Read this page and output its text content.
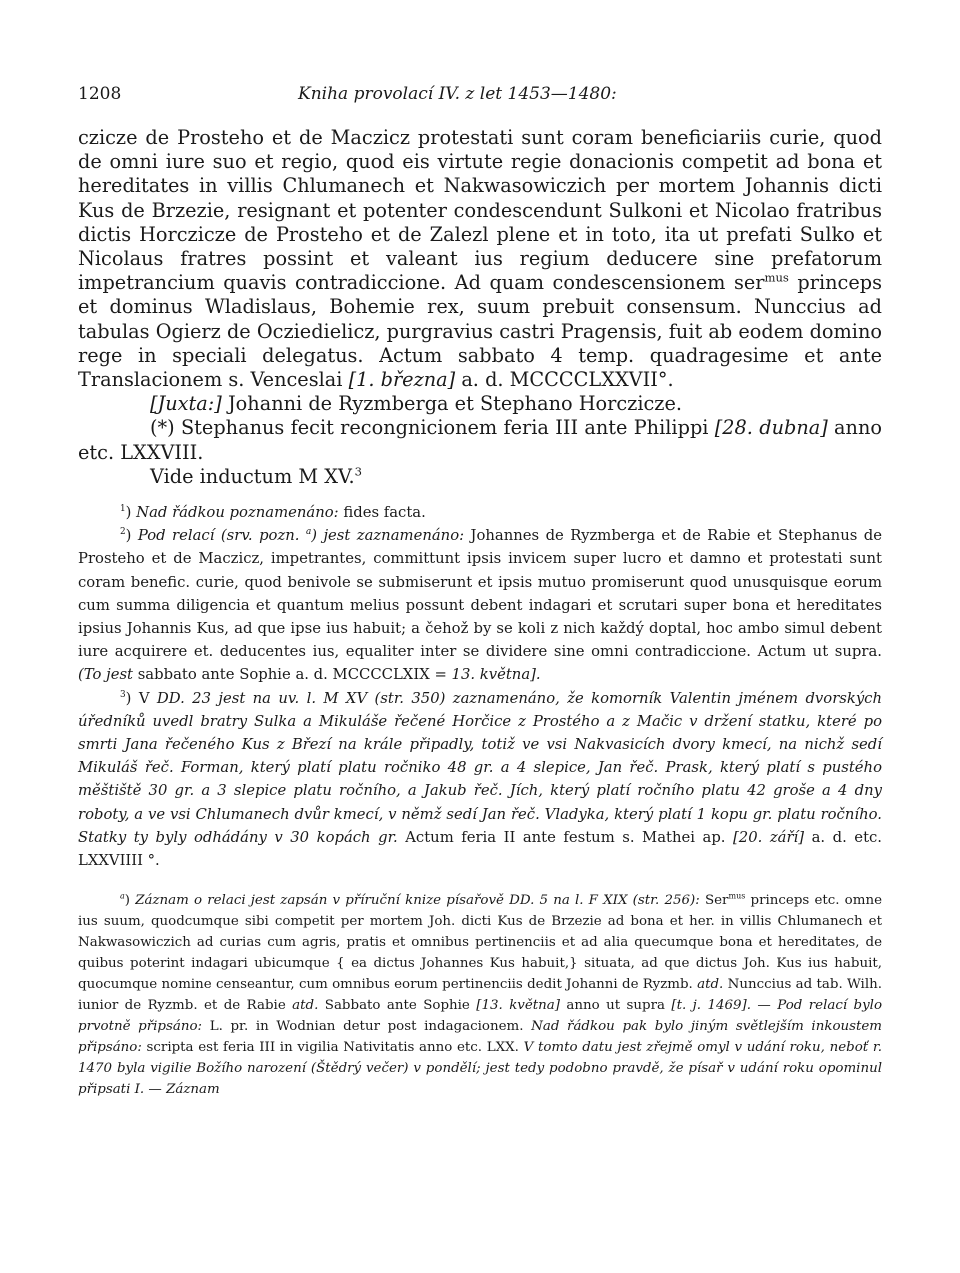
1208	Kniha provolací IV. z let 1453—1480:

czicze de Prosteho et de Maczicz protestati sunt coram beneficiariis curie, quod de omni iure suo et regio, quod eis virtute regie donacionis competit ad bona et hereditates in villis Chlumanech et Nakwasowiczich per mortem Johannis dicti Kus de Brzezie, resignant et potenter condescendunt Sulkoni et Nicolao fratribus dictis Horczicze de Prosteho et de Zalezl plene et in toto, ita ut prefati Sulko et Nicolaus fratres possint et valeant ius regium deducere sine prefatorum impetrancium quavis contradiccione. Ad quam condescensionem ser$^{mus}$ princeps et dominus Wladislaus, Bohemie rex, suum prebuit consensum. Nunccius ad tabulas Ogierz de Ocziedielicz, purgravius castri Pragensis, fuit ab eodem domino rege in speciali delegatus. Actum sabbato 4 temp. quadragesime et ante Translacionem s. Venceslai [1. března] a. d. MCCCCLXXVII°.

[Juxta:] Johanni de Ryzmberga et Stephano Horczicze.

(*) Stephanus fecit recongnicionem feria III ante Philippi [28. dubna] anno etc. LXXVIII.

Vide inductum M XV.$^3$

$^1$) Nad řádkou poznamenáno: fides facta.

$^2$) Pod relací (srv. pozn. $^a$) jest zaznamenáno: Johannes de Ryzmberga et de Rabie et Stephanus de Prosteho et de Maczicz, impetrantes, committunt ipsis invicem super lucro et damno et protestati sunt coram benefic. curie, quod benivole se submiserunt et ipsis mutuo promiserunt quod unusquisque eorum cum summa diligencia et quantum melius possunt debent indagari et scrutari super bona et hereditates ipsius Johannis Kus, ad que ipse ius habuit; a čehož by se koli z nich každý doptal, hoc ambo simul debent iure acquirere et. deducentes ius, equaliter inter se dividere sine omni contradiccione. Actum ut supra. (To jest sabbato ante Sophie a. d. MCCCCLXIX = 13. května].

$^3$) V DD. 23 jest na uv. l. M XV (str. 350) zaznamenáno, že komorník Valentin jménem dvorských úředníků uvedl bratry Sulka a Mikuláše řečené Horčice z Prostého a z Mačic v držení statku, které po smrti Jana řečeného Kus z Březí na krále připadly, totiž ve vsi Nakvasicích dvory kmecí, na nichž sedí Mikuláš řeč. Forman, který platí platu ročniko 48 gr. a 4 slepice, Jan řeč. Prask, který platí s pustého měštiště 30 gr. a 3 slepice platu ročního, a Jakub řeč. Jích, který platí ročního platu 42 groše a 4 dny roboty, a ve vsi Chlumanech dvůr kmecí, v němž sedí Jan řeč. Vladyka, který platí 1 kopu gr. platu ročního. Statky ty byly odhádány v 30 kopách gr. Actum feria II ante festum s. Mathei ap. [20. září] a. d. etc. LXXVIIII °.

$^a$) Záznam o relaci jest zapsán v příruční knize písařově DD. 5 na l. F XIX (str. 256): Ser$^{mus}$ princeps etc. omne ius suum, quodcumque sibi competit per mortem Joh. dicti Kus de Brzezie ad bona et her. in villis Chlumanech et Nakwasowiczich ad curias cum agris, pratis et omnibus pertinenciis et ad alia quecumque bona et hereditates, de quibus poterint indagari ubicumque { ea dictus Johannes Kus habuit,} situata, ad que dictus Joh. Kus ius habuit, quocumque nomine censeantur, cum omnibus eorum pertinenciis dedit Johanni de Ryzmb. atd. Nunccius ad tab. Wilh. iunior de Ryzmb. et de Rabie atd. Sabbato ante Sophie [13. května] anno ut supra [t. j. 1469]. — Pod relací bylo prvotně připsáno: L. pr. in Wodnian detur post indagacionem. Nad řádkou pak bylo jiným světlejším inkoustem připsáno: scripta est feria III in vigilia Nativitatis anno etc. LXX. V tomto datu jest zřejmě omyl v udání roku, neboť r. 1470 byla vigilie Božího narození (Štědrý večer) v pondělí; jest tedy podobno pravdě, že písař v udání roku opominul připsati I. — Záznam
